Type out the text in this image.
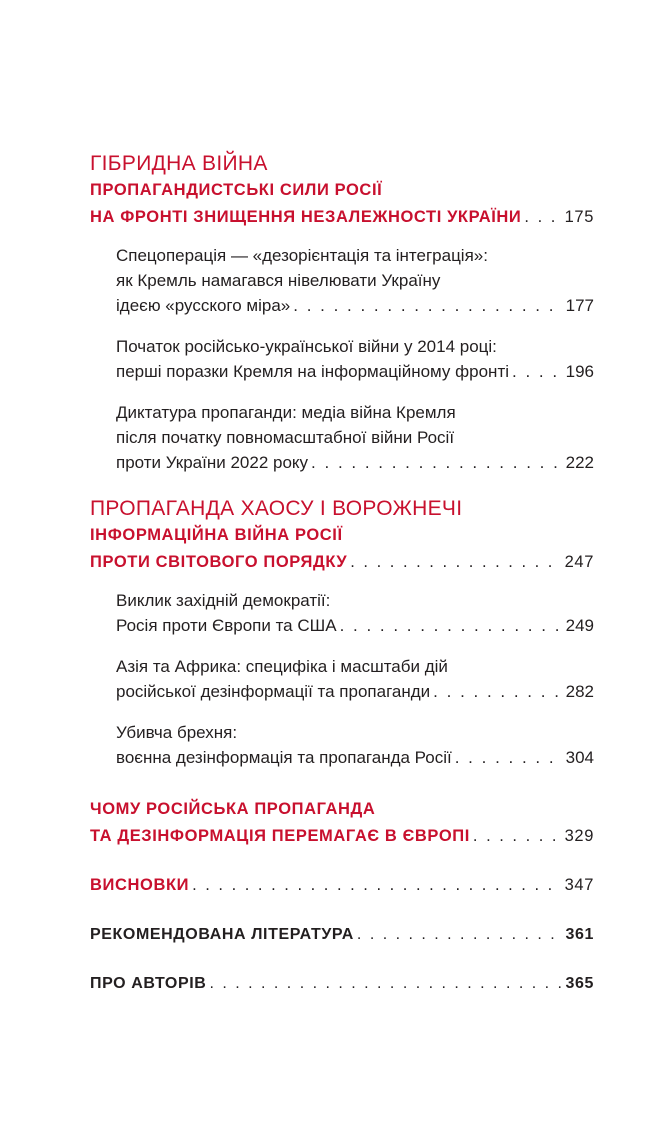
ГІБРИДНА ВІЙНА
ПРОПАГАНДИСТСЬКІ СИЛИ РОСІЇ
НА ФРОНТІ ЗНИЩЕННЯ НЕЗАЛЕЖНОСТІ УКРАЇНИ . . .	175
Спецоперація — «дезорієнтація та інтеграція»:
як Кремль намагався нівелювати Україну
ідеєю «русского міра» . . .	177
Початок російсько-української війни у 2014 році:
перші поразки Кремля на інформаційному фронті . . .	196
Диктатура пропаганди: медіа війна Кремля
після початку повномасштабної війни Росії
проти України 2022 року . . .	222
ПРОПАГАНДА ХАОСУ І ВОРОЖНЕЧІ
ІНФОРМАЦІЙНА ВІЙНА РОСІЇ
ПРОТИ СВІТОВОГО ПОРЯДКУ . . .	247
Виклик західній демократії:
Росія проти Європи та США . . .	249
Азія та Африка: специфіка і масштаби дій
російської дезінформації та пропаганди . . .	282
Убивча брехня:
воєнна дезінформація та пропаганда Росії . . .	304
ЧОМУ РОСІЙСЬКА ПРОПАГАНДА
ТА ДЕЗІНФОРМАЦІЯ ПЕРЕМАГАЄ В ЄВРОПІ . . .	329
ВИСНОВКИ . . .	347
РЕКОМЕНДОВАНА ЛІТЕРАТУРА . . .	361
ПРО АВТОРІВ . . .	365
